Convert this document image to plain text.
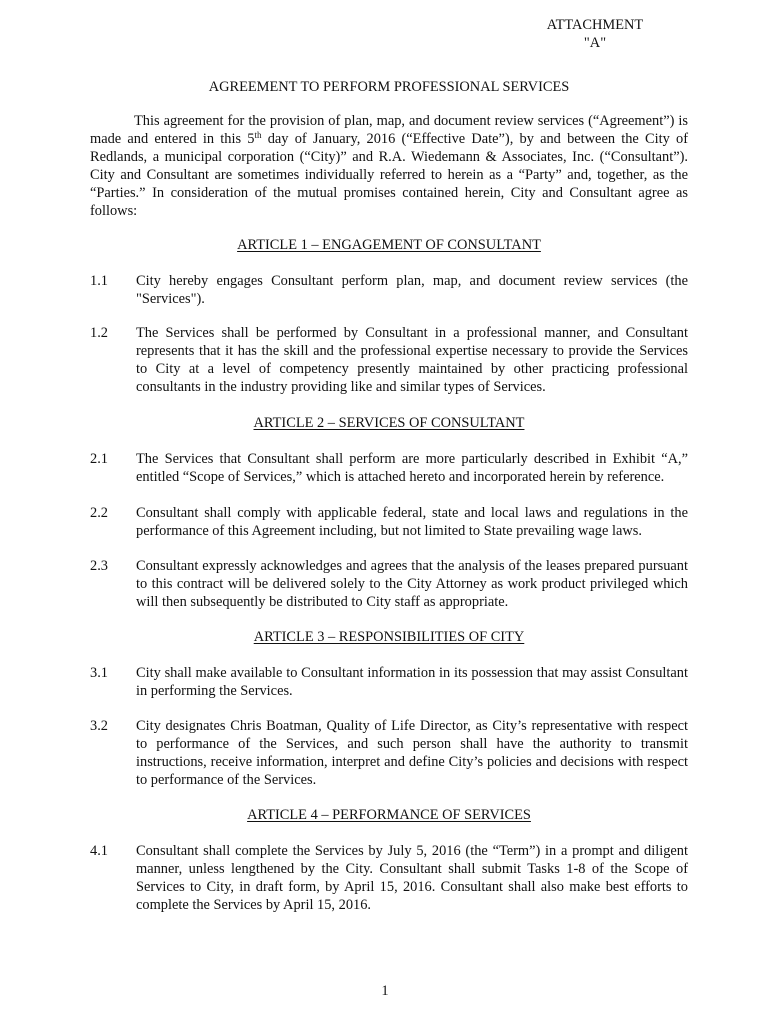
ATTACHMENT
"A"
AGREEMENT TO PERFORM PROFESSIONAL SERVICES

This agreement for the provision of plan, map, and document review services (“Agreement”) is made and entered in this 5th day of January, 2016 (“Effective Date”), by and between the City of Redlands, a municipal corporation (“City)” and R.A. Wiedemann & Associates, Inc. (“Consultant”). City and Consultant are sometimes individually referred to herein as a “Party” and, together, as the “Parties.” In consideration of the mutual promises contained herein, City and Consultant agree as follows:

ARTICLE 1 – ENGAGEMENT OF CONSULTANT

1.1	City hereby engages Consultant perform plan, map, and document review services (the "Services").

1.2	The Services shall be performed by Consultant in a professional manner, and Consultant represents that it has the skill and the professional expertise necessary to provide the Services to City at a level of competency presently maintained by other practicing professional consultants in the industry providing like and similar types of Services.

ARTICLE 2 – SERVICES OF CONSULTANT

2.1	The Services that Consultant shall perform are more particularly described in Exhibit “A,” entitled “Scope of Services,” which is attached hereto and incorporated herein by reference.

2.2	Consultant shall comply with applicable federal, state and local laws and regulations in the performance of this Agreement including, but not limited to State prevailing wage laws.

2.3	Consultant expressly acknowledges and agrees that the analysis of the leases prepared pursuant to this contract will be delivered solely to the City Attorney as work product privileged which will then subsequently be distributed to City staff as appropriate.

ARTICLE 3 – RESPONSIBILITIES OF CITY

3.1	City shall make available to Consultant information in its possession that may assist Consultant in performing the Services.

3.2	City designates Chris Boatman, Quality of Life Director, as City’s representative with respect to performance of the Services, and such person shall have the authority to transmit instructions, receive information, interpret and define City’s policies and decisions with respect to performance of the Services.

ARTICLE 4 – PERFORMANCE OF SERVICES

4.1	Consultant shall complete the Services by July 5, 2016 (the “Term”) in a prompt and diligent manner, unless lengthened by the City. Consultant shall submit Tasks 1-8 of the Scope of Services to City, in draft form, by April 15, 2016. Consultant shall also make best efforts to complete the Services by April 15, 2016.

1
